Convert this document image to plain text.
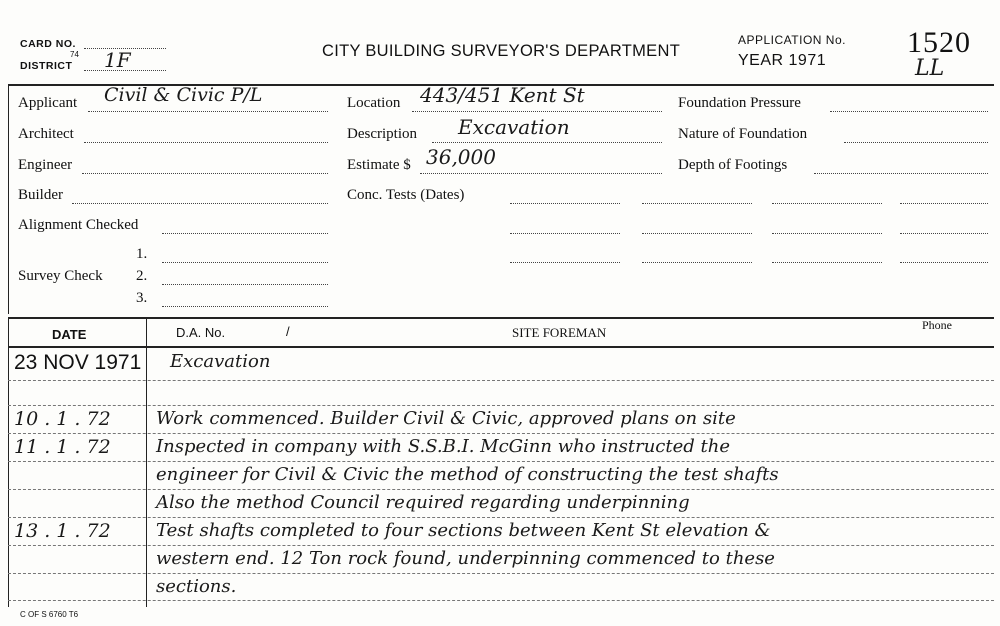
CARD NO.
DISTRICT
74 1F	CITY BUILDING SURVEYOR'S DEPARTMENT
APPLICATION No.
YEAR 1971
1520
LL
Applicant Civil & Civic P/L
Architect
Engineer
Builder
Alignment Checked
Survey Check
1.
2.
3.
Location 443/451 Kent St
Description Excavation
Estimate $ 36,000
Conc. Tests (Dates)
Foundation Pressure
Nature of Foundation
Depth of Footings
DATE	D.A. No.	/	SITE FOREMAN	Phone
23 NOV 1971 Excavation
10 . 1 . 72	Work commenced. Builder Civil & Civic, approved plans on site
11 . 1 . 72	Inspected in company with S.S.B.I. McGinn who instructed the
engineer for Civil & Civic the method of constructing the test shafts
Also the method Council required regarding underpinning
13 . 1 . 72	Test shafts completed to four sections between Kent St elevation &
western end. 12 Ton rock found, underpinning commenced to these
sections.
C OF S 6760 T6
